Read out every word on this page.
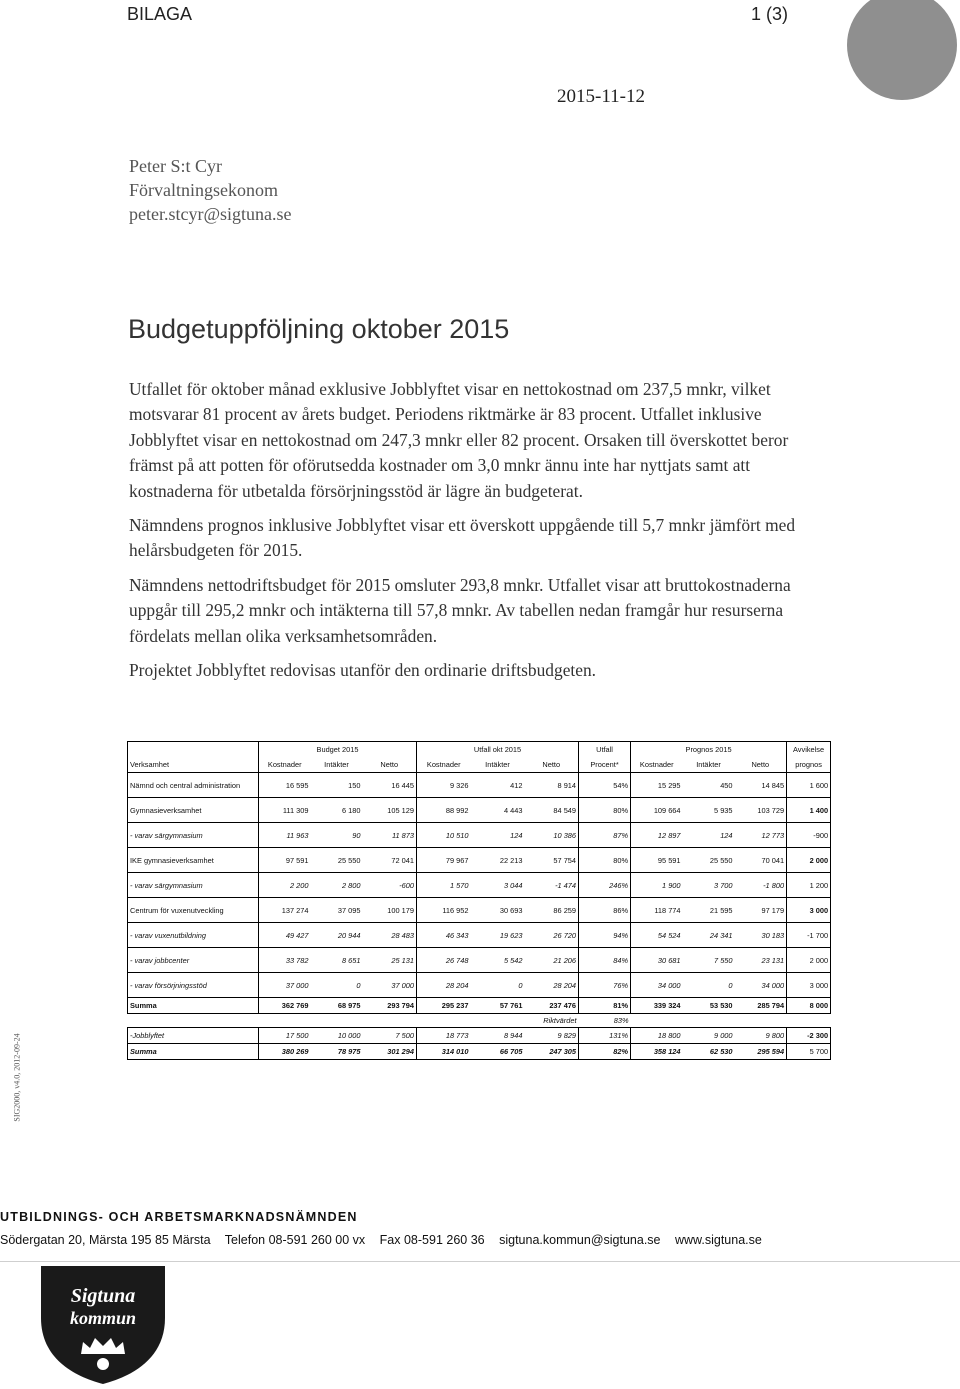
BILAGA	1 (3)
2015-11-12
Peter S:t Cyr
Förvaltningsekonom
peter.stcyr@sigtuna.se
Budgetuppföljning oktober 2015

Utfallet för oktober månad exklusive Jobblyftet visar en nettokostnad om 237,5 mnkr, vilket motsvarar 81 procent av årets budget. Periodens riktmärke är 83 procent. Utfallet inklusive Jobblyftet visar en nettokostnad om 247,3 mnkr eller 82 procent. Orsaken till överskottet beror främst på att potten för oförutsedda kostnader om 3,0 mnkr ännu inte har nyttjats samt att kostnaderna för utbetalda försörjningsstöd är lägre än budgeterat.

Nämndens prognos inklusive Jobblyftet visar ett överskott uppgående till 5,7 mnkr jämfört med helårsbudgeten för 2015.

Nämndens nettodriftsbudget för 2015 omsluter 293,8 mnkr. Utfallet visar att bruttokostnaderna uppgår till 295,2 mnkr och intäkterna till 57,8 mnkr. Av tabellen nedan framgår hur resurserna fördelats mellan olika verksamhetsområden.

Projektet Jobblyftet redovisas utanför den ordinarie driftsbudgeten.

	Budget 2015			Utfall okt 2015			Utfall	Prognos 2015			Avvikelse
Verksamhet	Kostnader	Intäkter	Netto	Kostnader	Intäkter	Netto	Procent*	Kostnader	Intäkter	Netto	prognos
Nämnd och central administration	16 595	150	16 445	9 326	412	8 914	54%	15 295	450	14 845	1 600
Gymnasieverksamhet	111 309	6 180	105 129	88 992	4 443	84 549	80%	109 664	5 935	103 729	1 400
- varav särgymnasium	11 963	90	11 873	10 510	124	10 386	87%	12 897	124	12 773	-900
IKE gymnasieverksamhet	97 591	25 550	72 041	79 967	22 213	57 754	80%	95 591	25 550	70 041	2 000
- varav särgymnasium	2 200	2 800	-600	1 570	3 044	-1 474	246%	1 900	3 700	-1 800	1 200
Centrum för vuxenutveckling	137 274	37 095	100 179	116 952	30 693	86 259	86%	118 774	21 595	97 179	3 000
- varav vuxenutbildning	49 427	20 944	28 483	46 343	19 623	26 720	94%	54 524	24 341	30 183	-1 700
- varav jobbcenter	33 782	8 651	25 131	26 748	5 542	21 206	84%	30 681	7 550	23 131	2 000
- varav försörjningsstöd	37 000	0	37 000	28 204	0	28 204	76%	34 000	0	34 000	3 000
Summa	362 769	68 975	293 794	295 237	57 761	237 476	81%	339 324	53 530	285 794	8 000
					Riktvärdet		83%				
-Jobblyftet	17 500	10 000	7 500	18 773	8 944	9 829	131%	18 800	9 000	9 800	-2 300
Summa	380 269	78 975	301 294	314 010	66 705	247 305	82%	358 124	62 530	295 594	5 700
SIG2000, v4.0, 2012-09-24
UTBILDNINGS- OCH ARBETSMARKNADSNÄMNDEN
Södergatan 20, Märsta 195 85 Märsta Telefon 08-591 260 00 vx Fax 08-591 260 36 sigtuna.kommun@sigtuna.se www.sigtuna.se
Sigtuna
kommun
